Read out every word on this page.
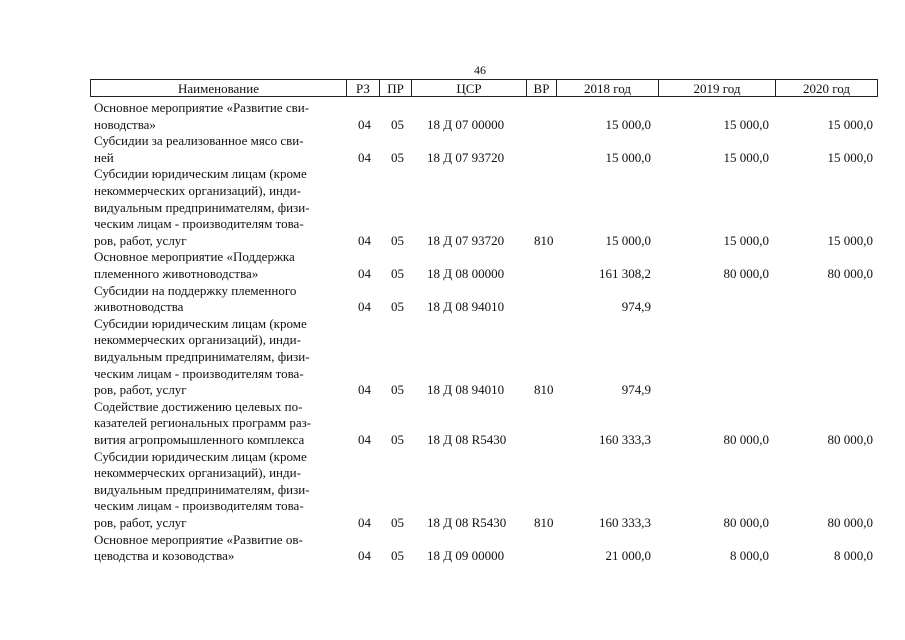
46
Наименование	РЗ	ПР	ЦСР	ВР	2018 год	2019 год	2020 год
Основное мероприятие «Развитие сви-
новодства»	04 05 18 Д 07 00000	15 000,0	15 000,0	15 000,0
Субсидии за реализованное мясо сви-
ней	04 05 18 Д 07 93720	15 000,0	15 000,0	15 000,0
Субсидии юридическим лицам (кроме
некоммерческих организаций), инди-
видуальным предпринимателям, физи-
ческим лицам - производителям това-
ров, работ, услуг	04 05 18 Д 07 93720 810	15 000,0	15 000,0	15 000,0
Основное мероприятие «Поддержка
племенного животноводства»	04 05 18 Д 08 00000	161 308,2	80 000,0	80 000,0
Субсидии на поддержку племенного
животноводства	04 05 18 Д 08 94010	974,9
Субсидии юридическим лицам (кроме
некоммерческих организаций), инди-
видуальным предпринимателям, физи-
ческим лицам - производителям това-
ров, работ, услуг	04 05 18 Д 08 94010 810	974,9
Содействие достижению целевых по-
казателей региональных программ раз-
вития агропромышленного комплекса	04 05 18 Д 08 R5430	160 333,3	80 000,0	80 000,0
Субсидии юридическим лицам (кроме
некоммерческих организаций), инди-
видуальным предпринимателям, физи-
ческим лицам - производителям това-
ров, работ, услуг	04 05 18 Д 08 R5430 810	160 333,3	80 000,0	80 000,0
Основное мероприятие «Развитие ов-
цеводства и козоводства»	04 05 18 Д 09 00000	21 000,0	8 000,0	8 000,0
